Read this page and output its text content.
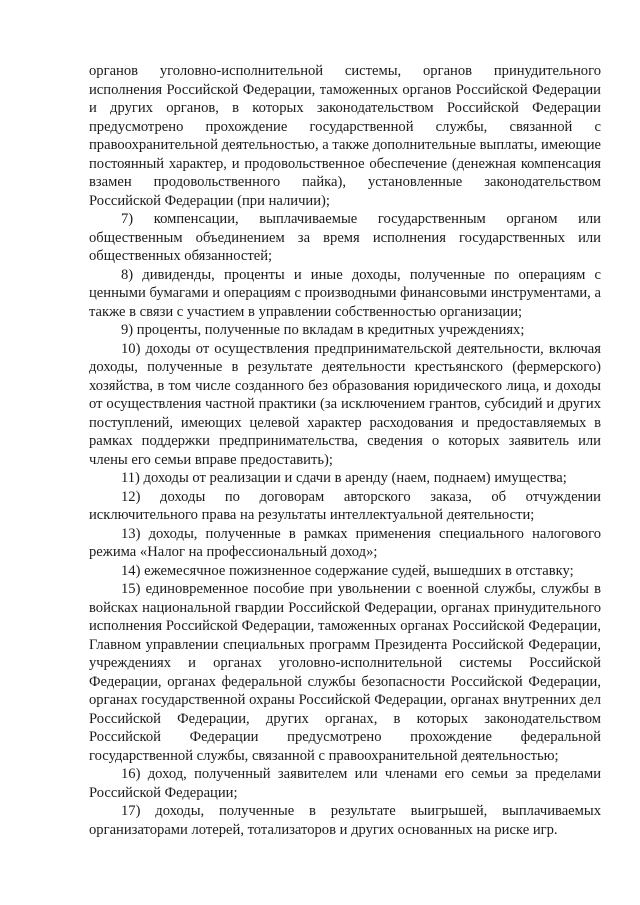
органов уголовно-исполнительной системы, органов принудительного исполнения Российской Федерации, таможенных органов Российской Федерации и других органов, в которых законодательством Российской Федерации предусмотрено прохождение государственной службы, связанной с правоохранительной деятельностью, а также дополнительные выплаты, имеющие постоянный характер, и продовольственное обеспечение (денежная компенсация взамен продовольственного пайка), установленные законодательством Российской Федерации (при наличии);

7) компенсации, выплачиваемые государственным органом или общественным объединением за время исполнения государственных или общественных обязанностей;

8) дивиденды, проценты и иные доходы, полученные по операциям с ценными бумагами и операциям с производными финансовыми инструментами, а также в связи с участием в управлении собственностью организации;

9) проценты, полученные по вкладам в кредитных учреждениях;

10) доходы от осуществления предпринимательской деятельности, включая доходы, полученные в результате деятельности крестьянского (фермерского) хозяйства, в том числе созданного без образования юридического лица, и доходы от осуществления частной практики (за исключением грантов, субсидий и других поступлений, имеющих целевой характер расходования и предоставляемых в рамках поддержки предпринимательства, сведения о которых заявитель или члены его семьи вправе предоставить);

11) доходы от реализации и сдачи в аренду (наем, поднаем) имущества;

12) доходы по договорам авторского заказа, об отчуждении исключительного права на результаты интеллектуальной деятельности;

13) доходы, полученные в рамках применения специального налогового режима «Налог на профессиональный доход»;

14) ежемесячное пожизненное содержание судей, вышедших в отставку;

15) единовременное пособие при увольнении с военной службы, службы в войсках национальной гвардии Российской Федерации, органах принудительного исполнения Российской Федерации, таможенных органах Российской Федерации, Главном управлении специальных программ Президента Российской Федерации, учреждениях и органах уголовно-исполнительной системы Российской Федерации, органах федеральной службы безопасности Российской Федерации, органах государственной охраны Российской Федерации, органах внутренних дел Российской Федерации, других органах, в которых законодательством Российской Федерации предусмотрено прохождение федеральной государственной службы, связанной с правоохранительной деятельностью;

16) доход, полученный заявителем или членами его семьи за пределами Российской Федерации;

17) доходы, полученные в результате выигрышей, выплачиваемых организаторами лотерей, тотализаторов и других основанных на риске игр.
